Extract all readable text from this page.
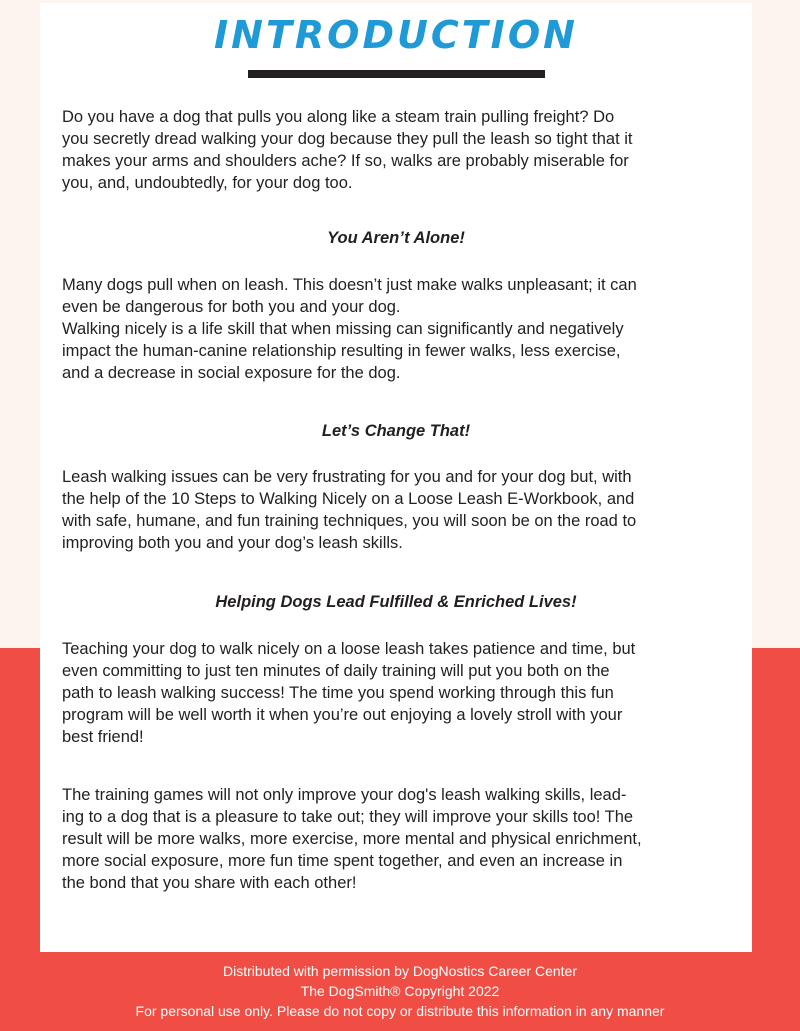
INTRODUCTION
Do you have a dog that pulls you along like a steam train pulling freight? Do
you secretly dread walking your dog because they pull the leash so tight that it
makes your arms and shoulders ache? If so, walks are probably miserable for
you, and, undoubtedly, for your dog too.
You Aren’t Alone!
Many dogs pull when on leash. This doesn’t just make walks unpleasant; it can
even be dangerous for both you and your dog.
Walking nicely is a life skill that when missing can significantly and negatively
impact the human-canine relationship resulting in fewer walks, less exercise,
and a decrease in social exposure for the dog.
Let’s Change That!
Leash walking issues can be very frustrating for you and for your dog but, with
the help of the 10 Steps to Walking Nicely on a Loose Leash E-Workbook, and
with safe, humane, and fun training techniques, you will soon be on the road to
improving both you and your dog’s leash skills.
Helping Dogs Lead Fulfilled & Enriched Lives!
Teaching your dog to walk nicely on a loose leash takes patience and time, but
even committing to just ten minutes of daily training will put you both on the
path to leash walking success! The time you spend working through this fun
program will be well worth it when you’re out enjoying a lovely stroll with your
best friend!
The training games will not only improve your dog's leash walking skills, lead-
ing to a dog that is a pleasure to take out; they will improve your skills too! The
result will be more walks, more exercise, more mental and physical enrichment,
more social exposure, more fun time spent together, and even an increase in
the bond that you share with each other!
Distributed with permission by DogNostics Career Center
The DogSmith® Copyright 2022
For personal use only. Please do not copy or distribute this information in any manner
